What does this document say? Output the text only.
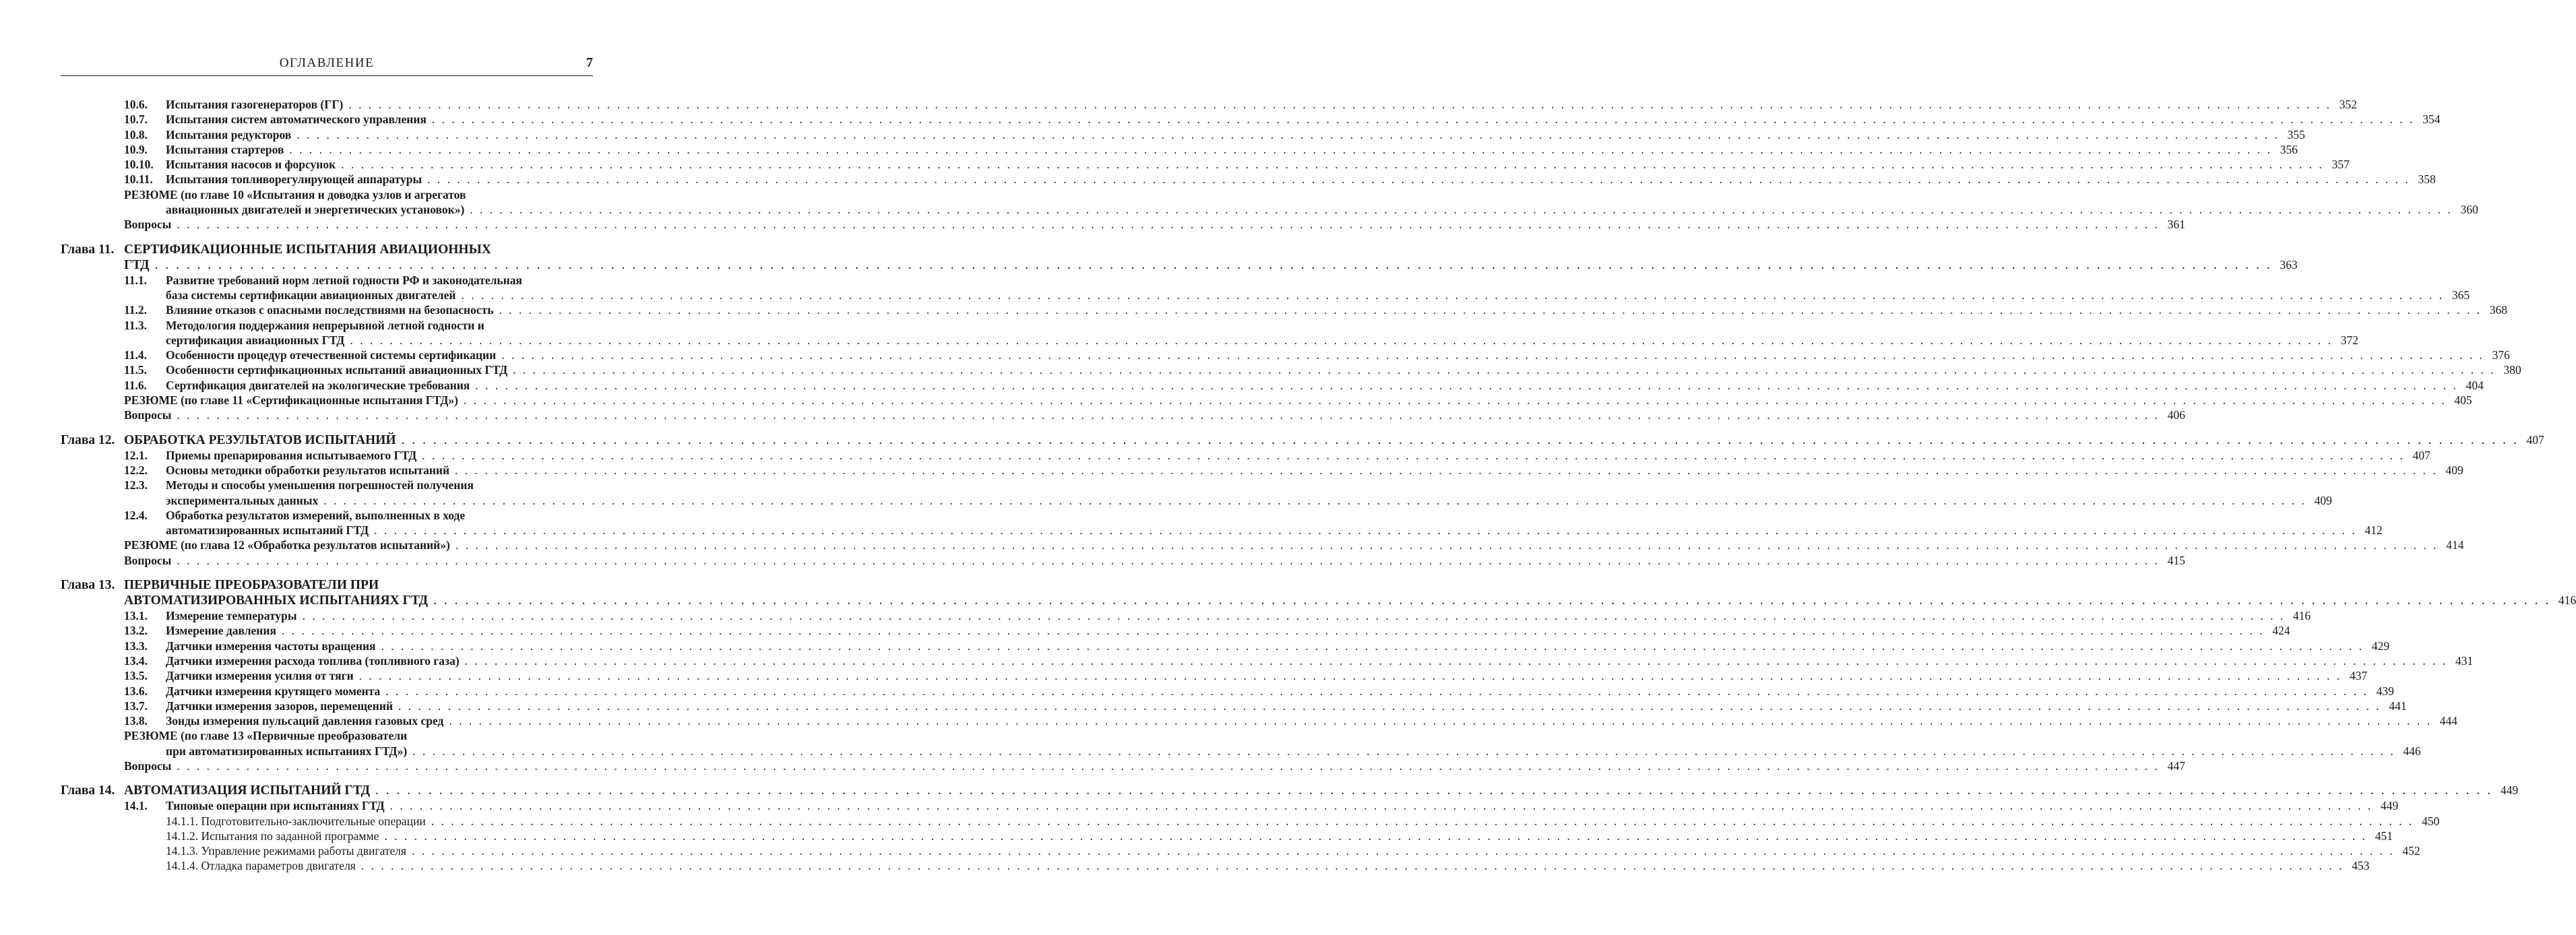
ОГЛАВЛЕНИЕ	7
10.6.	Испытания газогенераторов (ГГ) . . . . . . . . . . . . . . . . . . . . . . . . . . . . . . . . . . . . . . . . . . . . . . . . . . . . . . . . . . . . . . . . . . . . . . . . . . . . . . . . . . . . . . . . . . . . . . . . . . . . . . . . . . . . . . . . . . . . . . . . . . . . . . . . . . . . . . . . . . . . . . . . . . . . . . . . . . . . . . . . . . . . . . . . . . . . . . . . . . . . . . . . . . . . . . . . . . . . . . . . 352
10.7.	Испытания систем автоматического управления . . . . . . . . . . . . . . . . . . . . . . . . . . . . . . . . . . . . . . . . . . . . . . . . . . . . . . . . . . . . . . . . . . . . . . . . . . . . . . . . . . . . . . . . . . . . . . . . . . . . . . . . . . . . . . . . . . . . . . . . . . . . . . . . . . . . . . . . . . . . . . . . . . . . . . . . . . . . . . . . . . . . . . . . . . . . . . . . . . . . . . . . . . . . . . . . . . . . . . . . 354
10.8.	Испытания редукторов . . . . . . . . . . . . . . . . . . . . . . . . . . . . . . . . . . . . . . . . . . . . . . . . . . . . . . . . . . . . . . . . . . . . . . . . . . . . . . . . . . . . . . . . . . . . . . . . . . . . . . . . . . . . . . . . . . . . . . . . . . . . . . . . . . . . . . . . . . . . . . . . . . . . . . . . . . . . . . . . . . . . . . . . . . . . . . . . . . . . . . . . . . . . . . . . . . . . . . . . 355
10.9.	Испытания стартеров . . . . . . . . . . . . . . . . . . . . . . . . . . . . . . . . . . . . . . . . . . . . . . . . . . . . . . . . . . . . . . . . . . . . . . . . . . . . . . . . . . . . . . . . . . . . . . . . . . . . . . . . . . . . . . . . . . . . . . . . . . . . . . . . . . . . . . . . . . . . . . . . . . . . . . . . . . . . . . . . . . . . . . . . . . . . . . . . . . . . . . . . . . . . . . . . . . . . . . . . 356
10.10.	Испытания насосов и форсунок . . . . . . . . . . . . . . . . . . . . . . . . . . . . . . . . . . . . . . . . . . . . . . . . . . . . . . . . . . . . . . . . . . . . . . . . . . . . . . . . . . . . . . . . . . . . . . . . . . . . . . . . . . . . . . . . . . . . . . . . . . . . . . . . . . . . . . . . . . . . . . . . . . . . . . . . . . . . . . . . . . . . . . . . . . . . . . . . . . . . . . . . . . . . . . . . . . . . . . . . 357
10.11.	Испытания топливорегулирующей аппаратуры . . . . . . . . . . . . . . . . . . . . . . . . . . . . . . . . . . . . . . . . . . . . . . . . . . . . . . . . . . . . . . . . . . . . . . . . . . . . . . . . . . . . . . . . . . . . . . . . . . . . . . . . . . . . . . . . . . . . . . . . . . . . . . . . . . . . . . . . . . . . . . . . . . . . . . . . . . . . . . . . . . . . . . . . . . . . . . . . . . . . . . . . . . . . . . . . . . . . . . . . 358
РЕЗЮМЕ (по главе 10 «Испытания и доводка узлов и агрегатов
авиационных двигателей и энергетических установок») . . . . . . . . . . . . . . . . . . . . . . . . . . . . . . . . . . . . . . . . . . . . . . . . . . . . . . . . . . . . . . . . . . . . . . . . . . . . . . . . . . . . . . . . . . . . . . . . . . . . . . . . . . . . . . . . . . . . . . . . . . . . . . . . . . . . . . . . . . . . . . . . . . . . . . . . . . . . . . . . . . . . . . . . . . . . . . . . . . . . . . . . . . . . . . . . . . . . . . . . 360
Вопросы . . . . . . . . . . . . . . . . . . . . . . . . . . . . . . . . . . . . . . . . . . . . . . . . . . . . . . . . . . . . . . . . . . . . . . . . . . . . . . . . . . . . . . . . . . . . . . . . . . . . . . . . . . . . . . . . . . . . . . . . . . . . . . . . . . . . . . . . . . . . . . . . . . . . . . . . . . . . . . . . . . . . . . . . . . . . . . . . . . . . . . . . . . . . . . . . . . . . . . . . 361
Глава 11. СЕРТИФИКАЦИОННЫЕ ИСПЫТАНИЯ АВИАЦИОННЫХ
ГТД . . . . . . . . . . . . . . . . . . . . . . . . . . . . . . . . . . . . . . . . . . . . . . . . . . . . . . . . . . . . . . . . . . . . . . . . . . . . . . . . . . . . . . . . . . . . . . . . . . . . . . . . . . . . . . . . . . . . . . . . . . . . . . . . . . . . . . . . . . . . . . . . . . . . . . . . . . . . . . . . . . . . . . . . . . . . . . . . . . . . . . . . . . . . . . . . . . . . . . . . 363
11.1.	Развитие требований норм летной годности РФ и законодательная
база системы сертификации авиационных двигателей . . . . . . . . . . . . . . . . . . . . . . . . . . . . . . . . . . . . . . . . . . . . . . . . . . . . . . . . . . . . . . . . . . . . . . . . . . . . . . . . . . . . . . . . . . . . . . . . . . . . . . . . . . . . . . . . . . . . . . . . . . . . . . . . . . . . . . . . . . . . . . . . . . . . . . . . . . . . . . . . . . . . . . . . . . . . . . . . . . . . . . . . . . . . . . . . . . . . . . . . 365
11.2.	Влияние отказов с опасными последствиями на безопасность . . . . . . . . . . . . . . . . . . . . . . . . . . . . . . . . . . . . . . . . . . . . . . . . . . . . . . . . . . . . . . . . . . . . . . . . . . . . . . . . . . . . . . . . . . . . . . . . . . . . . . . . . . . . . . . . . . . . . . . . . . . . . . . . . . . . . . . . . . . . . . . . . . . . . . . . . . . . . . . . . . . . . . . . . . . . . . . . . . . . . . . . . . . . . . . . . . . . . . . . 368
11.3.	Методология поддержания непрерывной летной годности и
сертификация авиационных ГТД . . . . . . . . . . . . . . . . . . . . . . . . . . . . . . . . . . . . . . . . . . . . . . . . . . . . . . . . . . . . . . . . . . . . . . . . . . . . . . . . . . . . . . . . . . . . . . . . . . . . . . . . . . . . . . . . . . . . . . . . . . . . . . . . . . . . . . . . . . . . . . . . . . . . . . . . . . . . . . . . . . . . . . . . . . . . . . . . . . . . . . . . . . . . . . . . . . . . . . . . 372
11.4.	Особенности процедур отечественной системы сертификации . . . . . . . . . . . . . . . . . . . . . . . . . . . . . . . . . . . . . . . . . . . . . . . . . . . . . . . . . . . . . . . . . . . . . . . . . . . . . . . . . . . . . . . . . . . . . . . . . . . . . . . . . . . . . . . . . . . . . . . . . . . . . . . . . . . . . . . . . . . . . . . . . . . . . . . . . . . . . . . . . . . . . . . . . . . . . . . . . . . . . . . . . . . . . . . . . . . . . . . . 376
11.5.	Особенности сертификационных испытаний авиационных ГТД . . . . . . . . . . . . . . . . . . . . . . . . . . . . . . . . . . . . . . . . . . . . . . . . . . . . . . . . . . . . . . . . . . . . . . . . . . . . . . . . . . . . . . . . . . . . . . . . . . . . . . . . . . . . . . . . . . . . . . . . . . . . . . . . . . . . . . . . . . . . . . . . . . . . . . . . . . . . . . . . . . . . . . . . . . . . . . . . . . . . . . . . . . . . . . . . . . . . . . . . 380
11.6.	Сертификация двигателей на экологические требования . . . . . . . . . . . . . . . . . . . . . . . . . . . . . . . . . . . . . . . . . . . . . . . . . . . . . . . . . . . . . . . . . . . . . . . . . . . . . . . . . . . . . . . . . . . . . . . . . . . . . . . . . . . . . . . . . . . . . . . . . . . . . . . . . . . . . . . . . . . . . . . . . . . . . . . . . . . . . . . . . . . . . . . . . . . . . . . . . . . . . . . . . . . . . . . . . . . . . . . . 404
РЕЗЮМЕ (по главе 11 «Сертификационные испытания ГТД») . . . . . . . . . . . . . . . . . . . . . . . . . . . . . . . . . . . . . . . . . . . . . . . . . . . . . . . . . . . . . . . . . . . . . . . . . . . . . . . . . . . . . . . . . . . . . . . . . . . . . . . . . . . . . . . . . . . . . . . . . . . . . . . . . . . . . . . . . . . . . . . . . . . . . . . . . . . . . . . . . . . . . . . . . . . . . . . . . . . . . . . . . . . . . . . . . . . . . . . . 405
Вопросы . . . . . . . . . . . . . . . . . . . . . . . . . . . . . . . . . . . . . . . . . . . . . . . . . . . . . . . . . . . . . . . . . . . . . . . . . . . . . . . . . . . . . . . . . . . . . . . . . . . . . . . . . . . . . . . . . . . . . . . . . . . . . . . . . . . . . . . . . . . . . . . . . . . . . . . . . . . . . . . . . . . . . . . . . . . . . . . . . . . . . . . . . . . . . . . . . . . . . . . . 406
Глава 12. ОБРАБОТКА РЕЗУЛЬТАТОВ ИСПЫТАНИЙ . . . . . . . . . . . . . . . . . . . . . . . . . . . . . . . . . . . . . . . . . . . . . . . . . . . . . . . . . . . . . . . . . . . . . . . . . . . . . . . . . . . . . . . . . . . . . . . . . . . . . . . . . . . . . . . . . . . . . . . . . . . . . . . . . . . . . . . . . . . . . . . . . . . . . . . . . . . . . . . . . . . . . . . . . . . . . . . . . . . . . . . . . . . . . . . . . . . . . . . . 407
12.1.	Приемы препарирования испытываемого ГТД . . . . . . . . . . . . . . . . . . . . . . . . . . . . . . . . . . . . . . . . . . . . . . . . . . . . . . . . . . . . . . . . . . . . . . . . . . . . . . . . . . . . . . . . . . . . . . . . . . . . . . . . . . . . . . . . . . . . . . . . . . . . . . . . . . . . . . . . . . . . . . . . . . . . . . . . . . . . . . . . . . . . . . . . . . . . . . . . . . . . . . . . . . . . . . . . . . . . . . . . 407
12.2.	Основы методики обработки результатов испытаний . . . . . . . . . . . . . . . . . . . . . . . . . . . . . . . . . . . . . . . . . . . . . . . . . . . . . . . . . . . . . . . . . . . . . . . . . . . . . . . . . . . . . . . . . . . . . . . . . . . . . . . . . . . . . . . . . . . . . . . . . . . . . . . . . . . . . . . . . . . . . . . . . . . . . . . . . . . . . . . . . . . . . . . . . . . . . . . . . . . . . . . . . . . . . . . . . . . . . . . . 409
12.3.	Методы и способы уменьшения погрешностей получения
экспериментальных данных . . . . . . . . . . . . . . . . . . . . . . . . . . . . . . . . . . . . . . . . . . . . . . . . . . . . . . . . . . . . . . . . . . . . . . . . . . . . . . . . . . . . . . . . . . . . . . . . . . . . . . . . . . . . . . . . . . . . . . . . . . . . . . . . . . . . . . . . . . . . . . . . . . . . . . . . . . . . . . . . . . . . . . . . . . . . . . . . . . . . . . . . . . . . . . . . . . . . . . . . 409
12.4.	Обработка результатов измерений, выполненных в ходе
автоматизированных испытаний ГТД . . . . . . . . . . . . . . . . . . . . . . . . . . . . . . . . . . . . . . . . . . . . . . . . . . . . . . . . . . . . . . . . . . . . . . . . . . . . . . . . . . . . . . . . . . . . . . . . . . . . . . . . . . . . . . . . . . . . . . . . . . . . . . . . . . . . . . . . . . . . . . . . . . . . . . . . . . . . . . . . . . . . . . . . . . . . . . . . . . . . . . . . . . . . . . . . . . . . . . . . 412
РЕЗЮМЕ (по глава 12 «Обработка результатов испытаний») . . . . . . . . . . . . . . . . . . . . . . . . . . . . . . . . . . . . . . . . . . . . . . . . . . . . . . . . . . . . . . . . . . . . . . . . . . . . . . . . . . . . . . . . . . . . . . . . . . . . . . . . . . . . . . . . . . . . . . . . . . . . . . . . . . . . . . . . . . . . . . . . . . . . . . . . . . . . . . . . . . . . . . . . . . . . . . . . . . . . . . . . . . . . . . . . . . . . . . . . 414
Вопросы . . . . . . . . . . . . . . . . . . . . . . . . . . . . . . . . . . . . . . . . . . . . . . . . . . . . . . . . . . . . . . . . . . . . . . . . . . . . . . . . . . . . . . . . . . . . . . . . . . . . . . . . . . . . . . . . . . . . . . . . . . . . . . . . . . . . . . . . . . . . . . . . . . . . . . . . . . . . . . . . . . . . . . . . . . . . . . . . . . . . . . . . . . . . . . . . . . . . . . . . 415
Глава 13. ПЕРВИЧНЫЕ ПРЕОБРАЗОВАТЕЛИ ПРИ
АВТОМАТИЗИРОВАННЫХ ИСПЫТАНИЯХ ГТД . . . . . . . . . . . . . . . . . . . . . . . . . . . . . . . . . . . . . . . . . . . . . . . . . . . . . . . . . . . . . . . . . . . . . . . . . . . . . . . . . . . . . . . . . . . . . . . . . . . . . . . . . . . . . . . . . . . . . . . . . . . . . . . . . . . . . . . . . . . . . . . . . . . . . . . . . . . . . . . . . . . . . . . . . . . . . . . . . . . . . . . . . . . . . . . . . . . . . . . . 416
13.1.	Измерение температуры . . . . . . . . . . . . . . . . . . . . . . . . . . . . . . . . . . . . . . . . . . . . . . . . . . . . . . . . . . . . . . . . . . . . . . . . . . . . . . . . . . . . . . . . . . . . . . . . . . . . . . . . . . . . . . . . . . . . . . . . . . . . . . . . . . . . . . . . . . . . . . . . . . . . . . . . . . . . . . . . . . . . . . . . . . . . . . . . . . . . . . . . . . . . . . . . . . . . . . . . 416
13.2.	Измерение давления . . . . . . . . . . . . . . . . . . . . . . . . . . . . . . . . . . . . . . . . . . . . . . . . . . . . . . . . . . . . . . . . . . . . . . . . . . . . . . . . . . . . . . . . . . . . . . . . . . . . . . . . . . . . . . . . . . . . . . . . . . . . . . . . . . . . . . . . . . . . . . . . . . . . . . . . . . . . . . . . . . . . . . . . . . . . . . . . . . . . . . . . . . . . . . . . . . . . . . . . 424
13.3.	Датчики измерения частоты вращения . . . . . . . . . . . . . . . . . . . . . . . . . . . . . . . . . . . . . . . . . . . . . . . . . . . . . . . . . . . . . . . . . . . . . . . . . . . . . . . . . . . . . . . . . . . . . . . . . . . . . . . . . . . . . . . . . . . . . . . . . . . . . . . . . . . . . . . . . . . . . . . . . . . . . . . . . . . . . . . . . . . . . . . . . . . . . . . . . . . . . . . . . . . . . . . . . . . . . . . . 429
13.4.	Датчики измерения расхода топлива (топливного газа) . . . . . . . . . . . . . . . . . . . . . . . . . . . . . . . . . . . . . . . . . . . . . . . . . . . . . . . . . . . . . . . . . . . . . . . . . . . . . . . . . . . . . . . . . . . . . . . . . . . . . . . . . . . . . . . . . . . . . . . . . . . . . . . . . . . . . . . . . . . . . . . . . . . . . . . . . . . . . . . . . . . . . . . . . . . . . . . . . . . . . . . . . . . . . . . . . . . . . . . . 431
13.5.	Датчики измерения усилия от тяги . . . . . . . . . . . . . . . . . . . . . . . . . . . . . . . . . . . . . . . . . . . . . . . . . . . . . . . . . . . . . . . . . . . . . . . . . . . . . . . . . . . . . . . . . . . . . . . . . . . . . . . . . . . . . . . . . . . . . . . . . . . . . . . . . . . . . . . . . . . . . . . . . . . . . . . . . . . . . . . . . . . . . . . . . . . . . . . . . . . . . . . . . . . . . . . . . . . . . . . . 437
13.6.	Датчики измерения крутящего момента . . . . . . . . . . . . . . . . . . . . . . . . . . . . . . . . . . . . . . . . . . . . . . . . . . . . . . . . . . . . . . . . . . . . . . . . . . . . . . . . . . . . . . . . . . . . . . . . . . . . . . . . . . . . . . . . . . . . . . . . . . . . . . . . . . . . . . . . . . . . . . . . . . . . . . . . . . . . . . . . . . . . . . . . . . . . . . . . . . . . . . . . . . . . . . . . . . . . . . . . 439
13.7.	Датчики измерения зазоров, перемещений . . . . . . . . . . . . . . . . . . . . . . . . . . . . . . . . . . . . . . . . . . . . . . . . . . . . . . . . . . . . . . . . . . . . . . . . . . . . . . . . . . . . . . . . . . . . . . . . . . . . . . . . . . . . . . . . . . . . . . . . . . . . . . . . . . . . . . . . . . . . . . . . . . . . . . . . . . . . . . . . . . . . . . . . . . . . . . . . . . . . . . . . . . . . . . . . . . . . . . . . 441
13.8.	Зонды измерения пульсаций давления газовых сред . . . . . . . . . . . . . . . . . . . . . . . . . . . . . . . . . . . . . . . . . . . . . . . . . . . . . . . . . . . . . . . . . . . . . . . . . . . . . . . . . . . . . . . . . . . . . . . . . . . . . . . . . . . . . . . . . . . . . . . . . . . . . . . . . . . . . . . . . . . . . . . . . . . . . . . . . . . . . . . . . . . . . . . . . . . . . . . . . . . . . . . . . . . . . . . . . . . . . . . . 444
РЕЗЮМЕ (по главе 13 «Первичные преобразователи
при автоматизированных испытаниях ГТД») . . . . . . . . . . . . . . . . . . . . . . . . . . . . . . . . . . . . . . . . . . . . . . . . . . . . . . . . . . . . . . . . . . . . . . . . . . . . . . . . . . . . . . . . . . . . . . . . . . . . . . . . . . . . . . . . . . . . . . . . . . . . . . . . . . . . . . . . . . . . . . . . . . . . . . . . . . . . . . . . . . . . . . . . . . . . . . . . . . . . . . . . . . . . . . . . . . . . . . . . 446
Вопросы . . . . . . . . . . . . . . . . . . . . . . . . . . . . . . . . . . . . . . . . . . . . . . . . . . . . . . . . . . . . . . . . . . . . . . . . . . . . . . . . . . . . . . . . . . . . . . . . . . . . . . . . . . . . . . . . . . . . . . . . . . . . . . . . . . . . . . . . . . . . . . . . . . . . . . . . . . . . . . . . . . . . . . . . . . . . . . . . . . . . . . . . . . . . . . . . . . . . . . . . 447
Глава 14. АВТОМАТИЗАЦИЯ ИСПЫТАНИЙ ГТД . . . . . . . . . . . . . . . . . . . . . . . . . . . . . . . . . . . . . . . . . . . . . . . . . . . . . . . . . . . . . . . . . . . . . . . . . . . . . . . . . . . . . . . . . . . . . . . . . . . . . . . . . . . . . . . . . . . . . . . . . . . . . . . . . . . . . . . . . . . . . . . . . . . . . . . . . . . . . . . . . . . . . . . . . . . . . . . . . . . . . . . . . . . . . . . . . . . . . . . . 449
14.1.	Типовые операции при испытаниях ГТД . . . . . . . . . . . . . . . . . . . . . . . . . . . . . . . . . . . . . . . . . . . . . . . . . . . . . . . . . . . . . . . . . . . . . . . . . . . . . . . . . . . . . . . . . . . . . . . . . . . . . . . . . . . . . . . . . . . . . . . . . . . . . . . . . . . . . . . . . . . . . . . . . . . . . . . . . . . . . . . . . . . . . . . . . . . . . . . . . . . . . . . . . . . . . . . . . . . . . . . . 449
14.1.1. Подготовительно-заключительные операции . . . . . . . . . . . . . . . . . . . . . . . . . . . . . . . . . . . . . . . . . . . . . . . . . . . . . . . . . . . . . . . . . . . . . . . . . . . . . . . . . . . . . . . . . . . . . . . . . . . . . . . . . . . . . . . . . . . . . . . . . . . . . . . . . . . . . . . . . . . . . . . . . . . . . . . . . . . . . . . . . . . . . . . . . . . . . . . . . . . . . . . . . . . . . . . . . . . . . . . . 450
14.1.2. Испытания по заданной программе . . . . . . . . . . . . . . . . . . . . . . . . . . . . . . . . . . . . . . . . . . . . . . . . . . . . . . . . . . . . . . . . . . . . . . . . . . . . . . . . . . . . . . . . . . . . . . . . . . . . . . . . . . . . . . . . . . . . . . . . . . . . . . . . . . . . . . . . . . . . . . . . . . . . . . . . . . . . . . . . . . . . . . . . . . . . . . . . . . . . . . . . . . . . . . . . . . . . . . . . 451
14.1.3. Управление режимами работы двигателя . . . . . . . . . . . . . . . . . . . . . . . . . . . . . . . . . . . . . . . . . . . . . . . . . . . . . . . . . . . . . . . . . . . . . . . . . . . . . . . . . . . . . . . . . . . . . . . . . . . . . . . . . . . . . . . . . . . . . . . . . . . . . . . . . . . . . . . . . . . . . . . . . . . . . . . . . . . . . . . . . . . . . . . . . . . . . . . . . . . . . . . . . . . . . . . . . . . . . . . . 452
14.1.4. Отладка параметров двигателя . . . . . . . . . . . . . . . . . . . . . . . . . . . . . . . . . . . . . . . . . . . . . . . . . . . . . . . . . . . . . . . . . . . . . . . . . . . . . . . . . . . . . . . . . . . . . . . . . . . . . . . . . . . . . . . . . . . . . . . . . . . . . . . . . . . . . . . . . . . . . . . . . . . . . . . . . . . . . . . . . . . . . . . . . . . . . . . . . . . . . . . . . . . . . . . . . . . . . . . . 453
